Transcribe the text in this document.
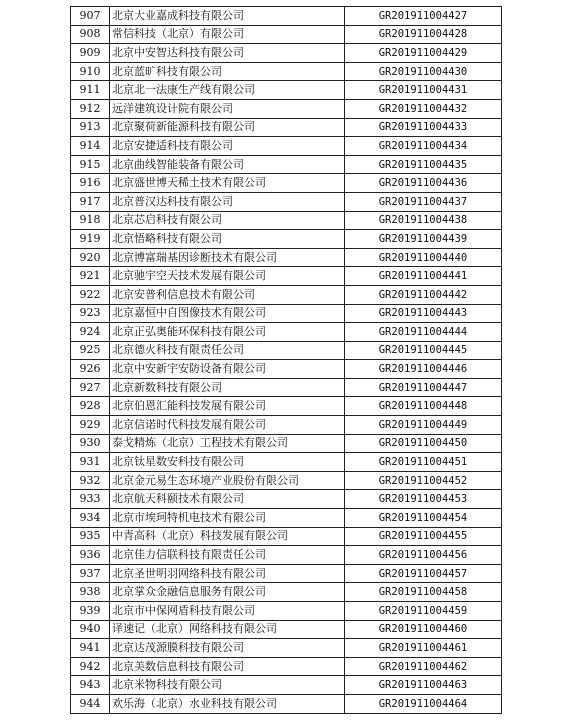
907	北京大业嘉成科技有限公司	GR201911004427
908	常信科技（北京）有限公司	GR201911004428
909	北京中安智达科技有限公司	GR201911004429
910	北京蓝旷科技有限公司	GR201911004430
911	北京北一法康生产线有限公司	GR201911004431
912	远洋建筑设计院有限公司	GR201911004432
913	北京聚荷新能源科技有限公司	GR201911004433
914	北京安捷适科技有限公司	GR201911004434
915	北京曲线智能装备有限公司	GR201911004435
916	北京盛世博天稀土技术有限公司	GR201911004436
917	北京普汉达科技有限公司	GR201911004437
918	北京芯启科技有限公司	GR201911004438
919	北京悟略科技有限公司	GR201911004439
920	北京博富瑞基因诊断技术有限公司	GR201911004440
921	北京驰宇空天技术发展有限公司	GR201911004441
922	北京安普利信息技术有限公司	GR201911004442
923	北京嘉恒中自图像技术有限公司	GR201911004443
924	北京正弘奥能环保科技有限公司	GR201911004444
925	北京德火科技有限责任公司	GR201911004445
926	北京中安新宇安防设备有限公司	GR201911004446
927	北京新数科技有限公司	GR201911004447
928	北京伯恩汇能科技发展有限公司	GR201911004448
929	北京信诺时代科技发展有限公司	GR201911004449
930	泰戈精炼（北京）工程技术有限公司	GR201911004450
931	北京钛星数安科技有限公司	GR201911004451
932	北京金元易生态环境产业股份有限公司	GR201911004452
933	北京航天科颐技术有限公司	GR201911004453
934	北京市埃珂特机电技术有限公司	GR201911004454
935	中青高科（北京）科技发展有限公司	GR201911004455
936	北京佳力信联科技有限责任公司	GR201911004456
937	北京圣世明羽网络科技有限公司	GR201911004457
938	北京掌众金融信息服务有限公司	GR201911004458
939	北京市中保网盾科技有限公司	GR201911004459
940	译速记（北京）网络科技有限公司	GR201911004460
941	北京达茂源膜科技有限公司	GR201911004461
942	北京美数信息科技有限公司	GR201911004462
943	北京米物科技有限公司	GR201911004463
944	欢乐海（北京）水业科技有限公司	GR201911004464
